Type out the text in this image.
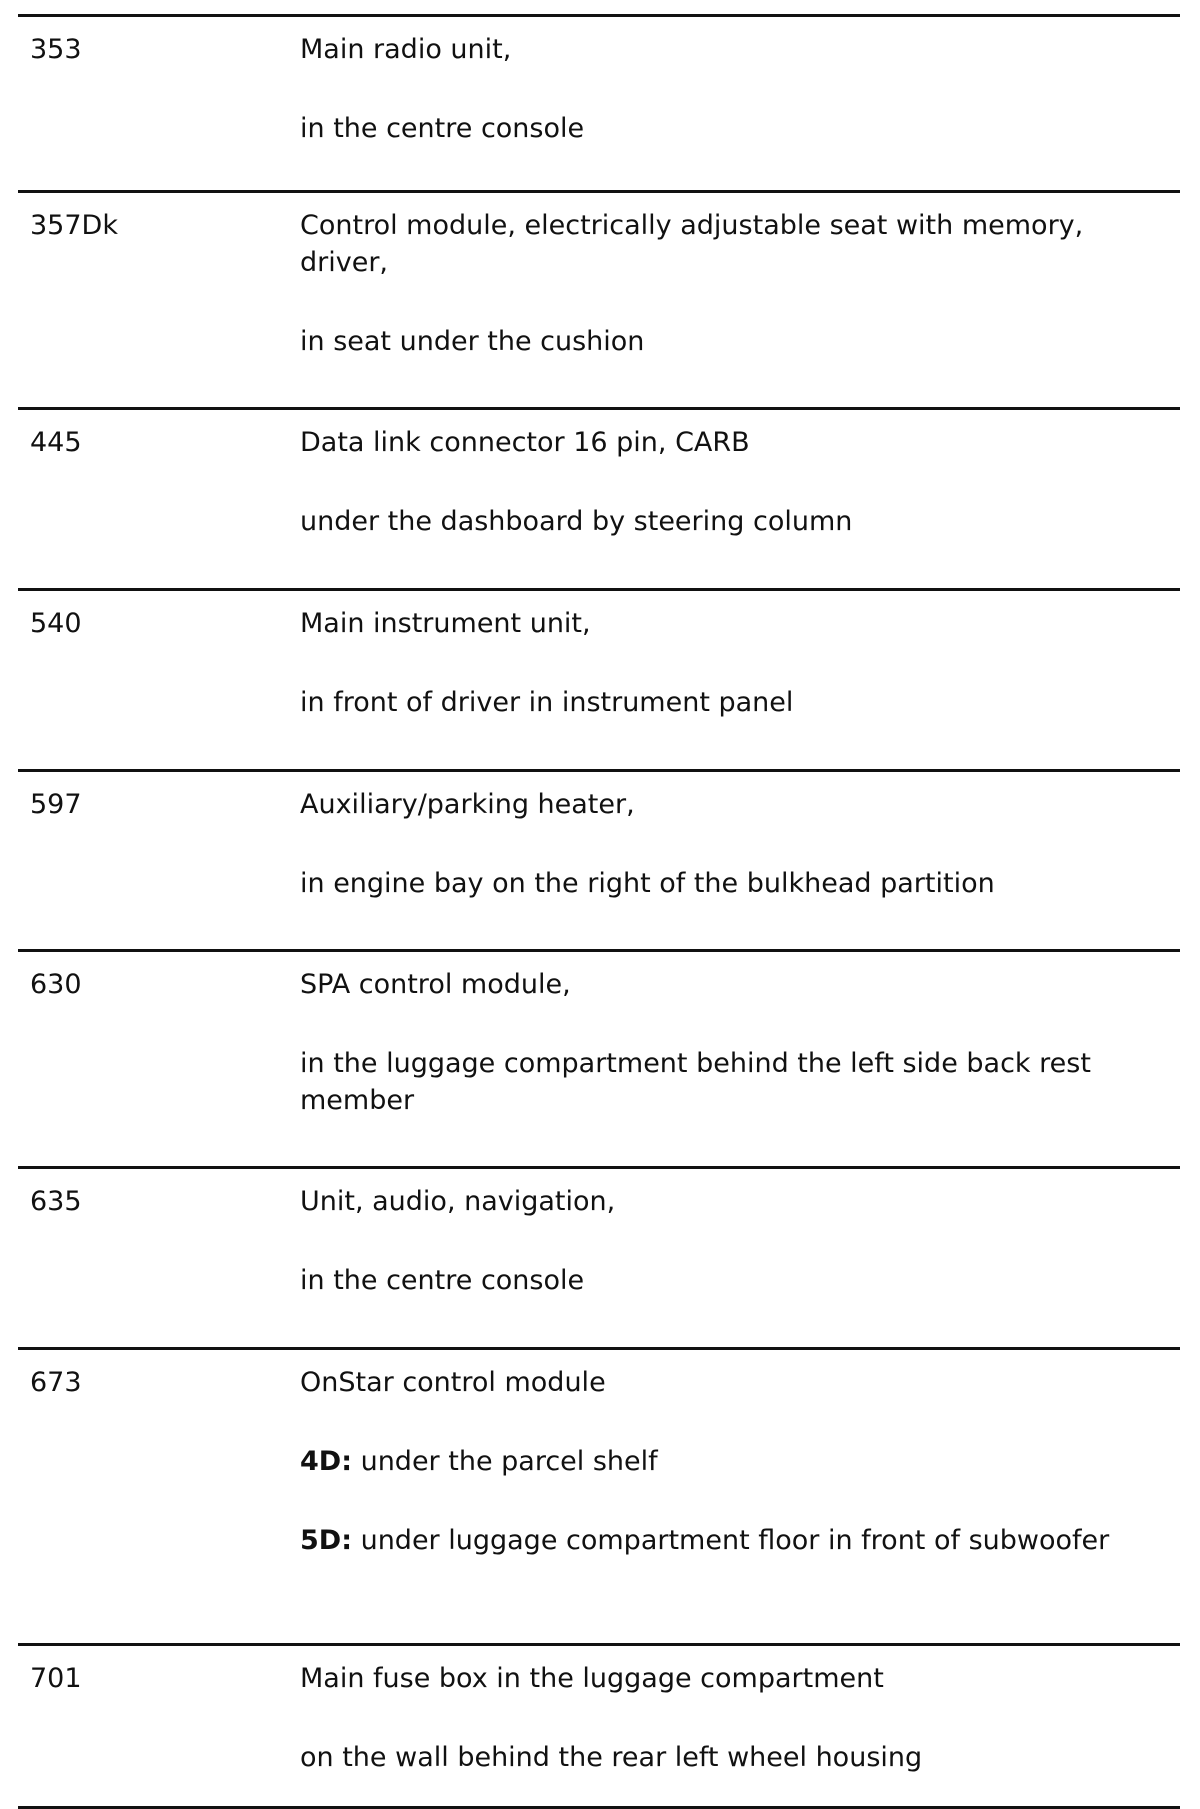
353	Main radio unit,

in the centre console

357Dk	Control module, electrically adjustable seat with memory, driver,

in seat under the cushion

445	Data link connector 16 pin, CARB

under the dashboard by steering column

540	Main instrument unit,

in front of driver in instrument panel

597	Auxiliary/parking heater,

in engine bay on the right of the bulkhead partition

630	SPA control module,

in the luggage compartment behind the left side back rest member

635	Unit, audio, navigation,

in the centre console

673	OnStar control module

4D: under the parcel shelf

5D: under luggage compartment floor in front of subwoofer

701	Main fuse box in the luggage compartment

on the wall behind the rear left wheel housing
